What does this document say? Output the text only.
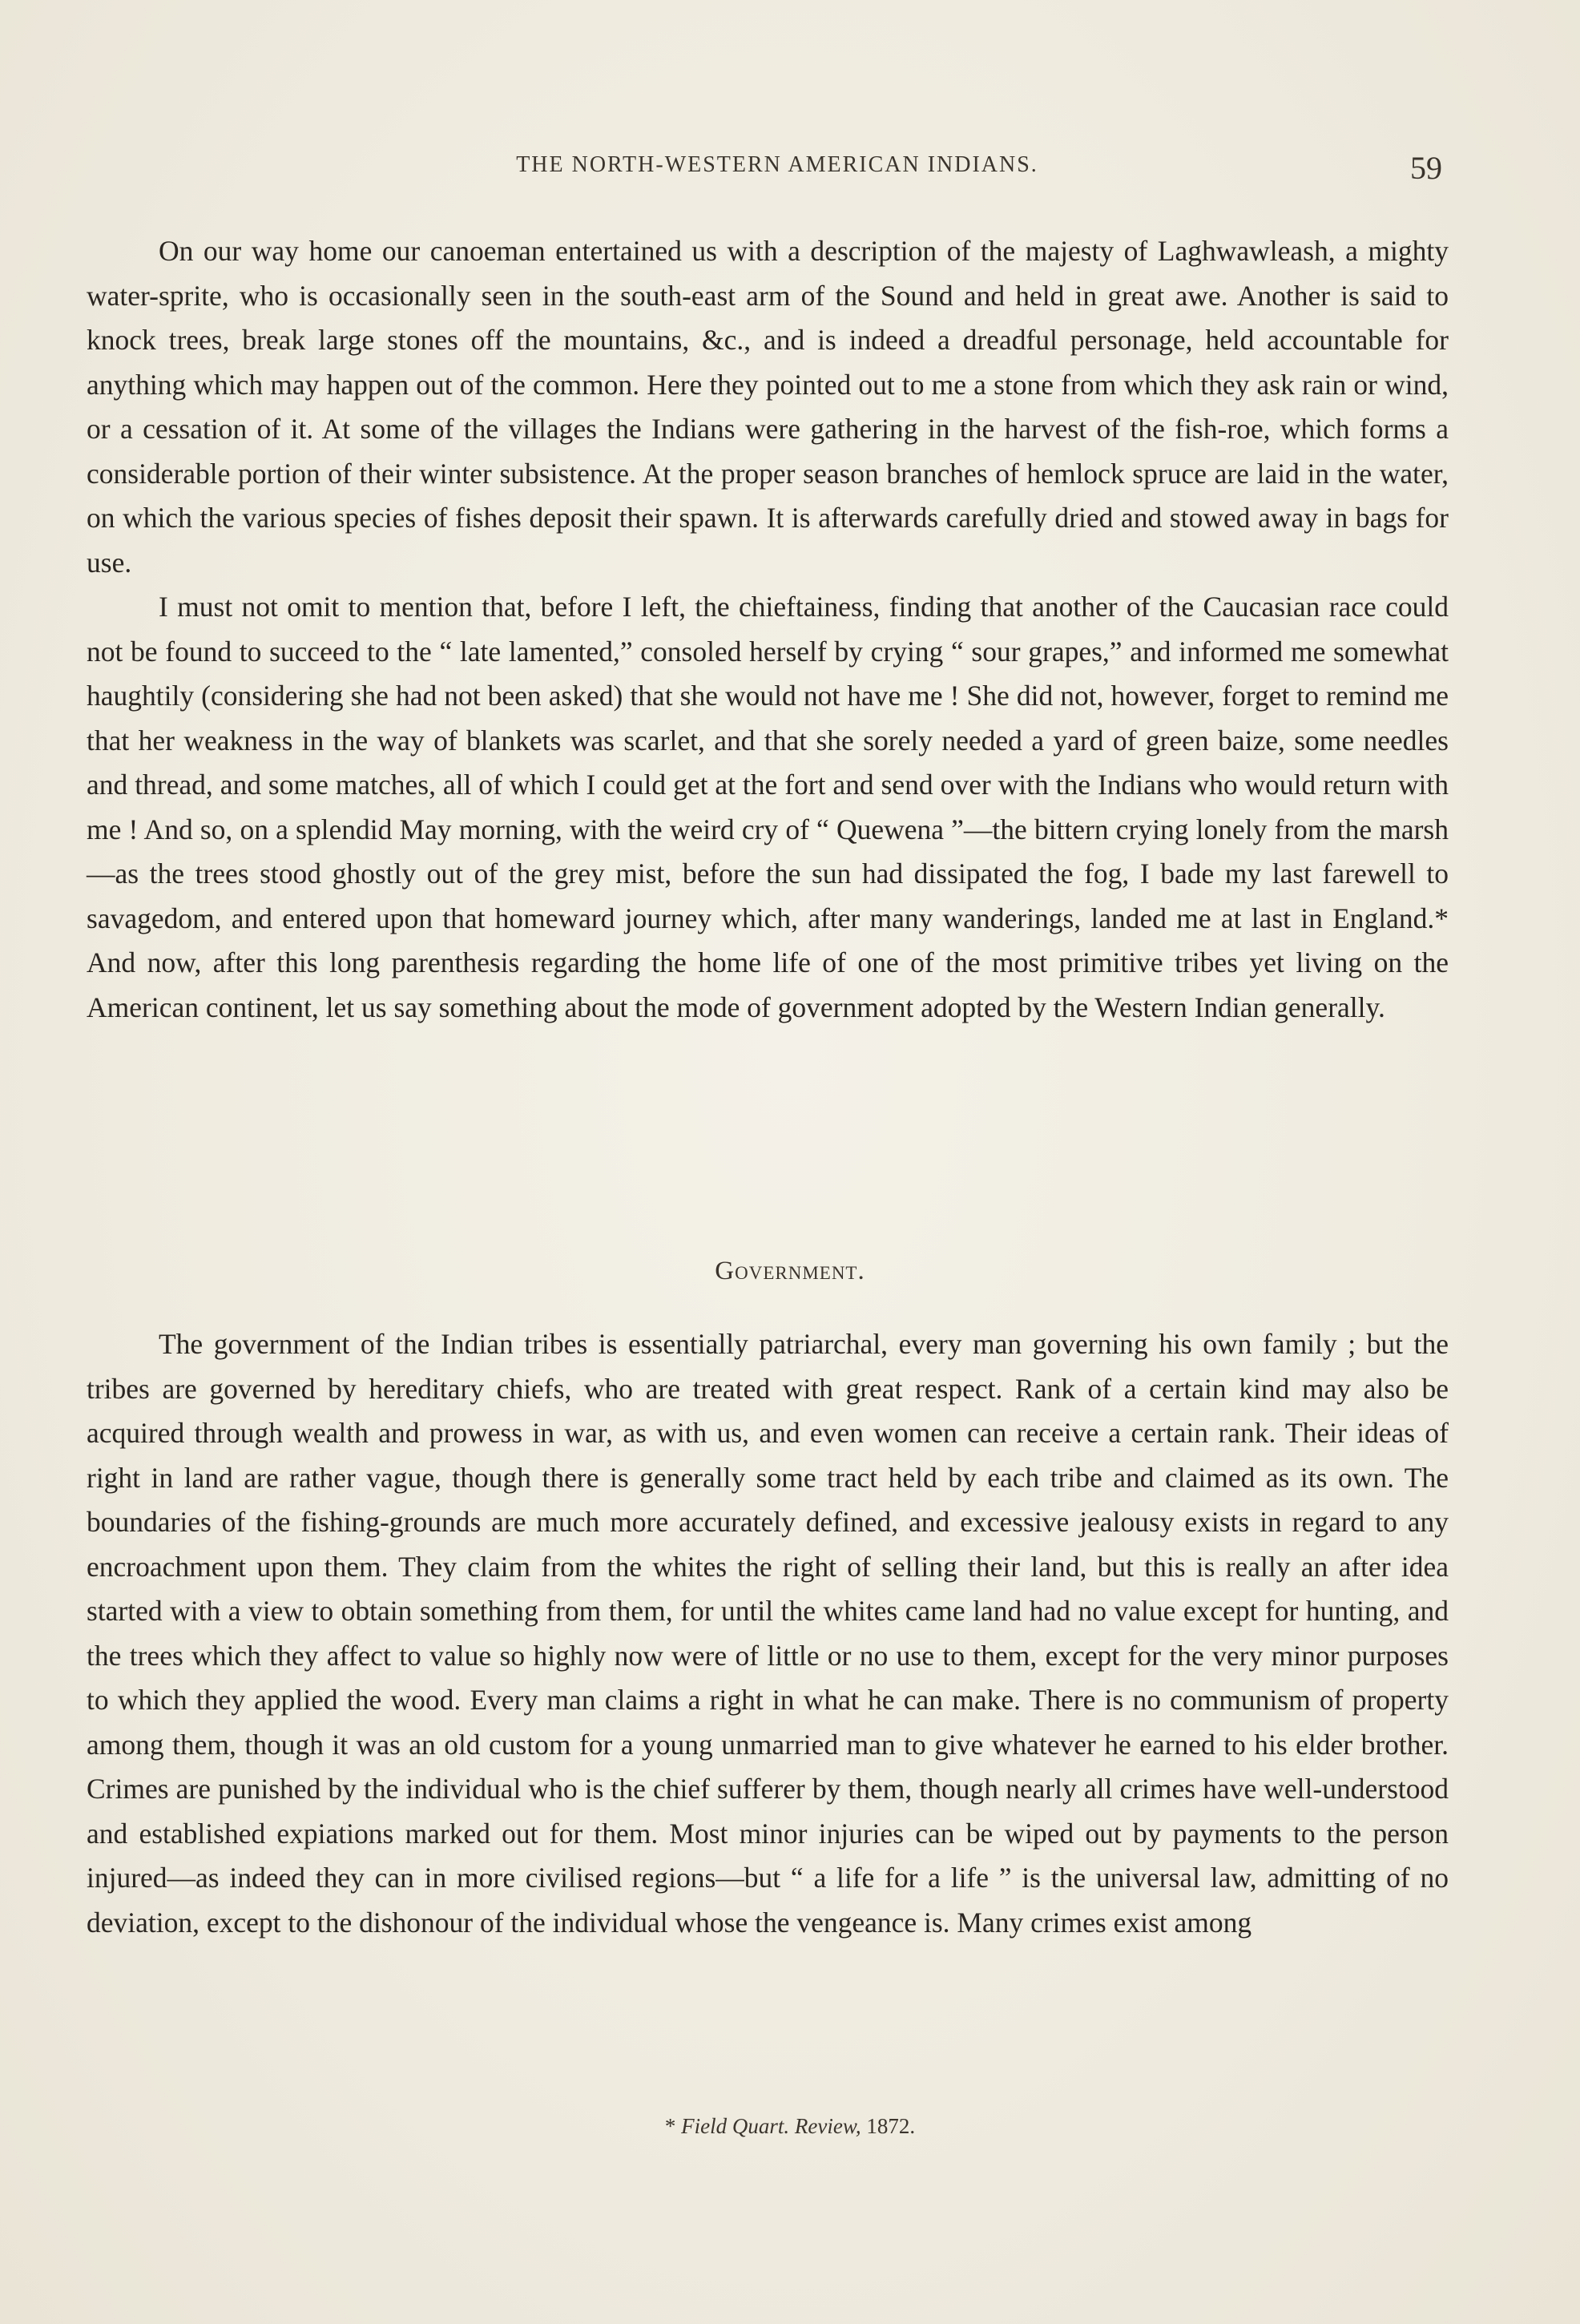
THE NORTH-WESTERN AMERICAN INDIANS.	59

On our way home our canoeman entertained us with a description of the majesty of Laghwawleash, a mighty water-sprite, who is occasionally seen in the south-east arm of the Sound and held in great awe. Another is said to knock trees, break large stones off the mountains, &c., and is indeed a dreadful personage, held accountable for anything which may happen out of the common. Here they pointed out to me a stone from which they ask rain or wind, or a cessation of it. At some of the villages the Indians were gathering in the harvest of the fish-roe, which forms a considerable portion of their winter subsistence. At the proper season branches of hemlock spruce are laid in the water, on which the various species of fishes deposit their spawn. It is afterwards carefully dried and stowed away in bags for use.

I must not omit to mention that, before I left, the chieftainess, finding that another of the Caucasian race could not be found to succeed to the “ late lamented,” consoled herself by crying “ sour grapes,” and informed me somewhat haughtily (considering she had not been asked) that she would not have me ! She did not, however, forget to remind me that her weakness in the way of blankets was scarlet, and that she sorely needed a yard of green baize, some needles and thread, and some matches, all of which I could get at the fort and send over with the Indians who would return with me ! And so, on a splendid May morning, with the weird cry of “ Quewena ”—the bittern crying lonely from the marsh—as the trees stood ghostly out of the grey mist, before the sun had dissipated the fog, I bade my last farewell to savagedom, and entered upon that homeward journey which, after many wanderings, landed me at last in England.* And now, after this long parenthesis regarding the home life of one of the most primitive tribes yet living on the American continent, let us say something about the mode of government adopted by the Western Indian generally.

Government.

The government of the Indian tribes is essentially patriarchal, every man governing his own family ; but the tribes are governed by hereditary chiefs, who are treated with great respect. Rank of a certain kind may also be acquired through wealth and prowess in war, as with us, and even women can receive a certain rank. Their ideas of right in land are rather vague, though there is generally some tract held by each tribe and claimed as its own. The boundaries of the fishing-grounds are much more accurately defined, and excessive jealousy exists in regard to any encroachment upon them. They claim from the whites the right of selling their land, but this is really an after idea started with a view to obtain something from them, for until the whites came land had no value except for hunting, and the trees which they affect to value so highly now were of little or no use to them, except for the very minor purposes to which they applied the wood. Every man claims a right in what he can make. There is no communism of property among them, though it was an old custom for a young unmarried man to give whatever he earned to his elder brother. Crimes are punished by the individual who is the chief sufferer by them, though nearly all crimes have well-understood and established expiations marked out for them. Most minor injuries can be wiped out by payments to the person injured—as indeed they can in more civilised regions—but “ a life for a life ” is the universal law, admitting of no deviation, except to the dishonour of the individual whose the vengeance is. Many crimes exist among

* Field Quart. Review, 1872.
